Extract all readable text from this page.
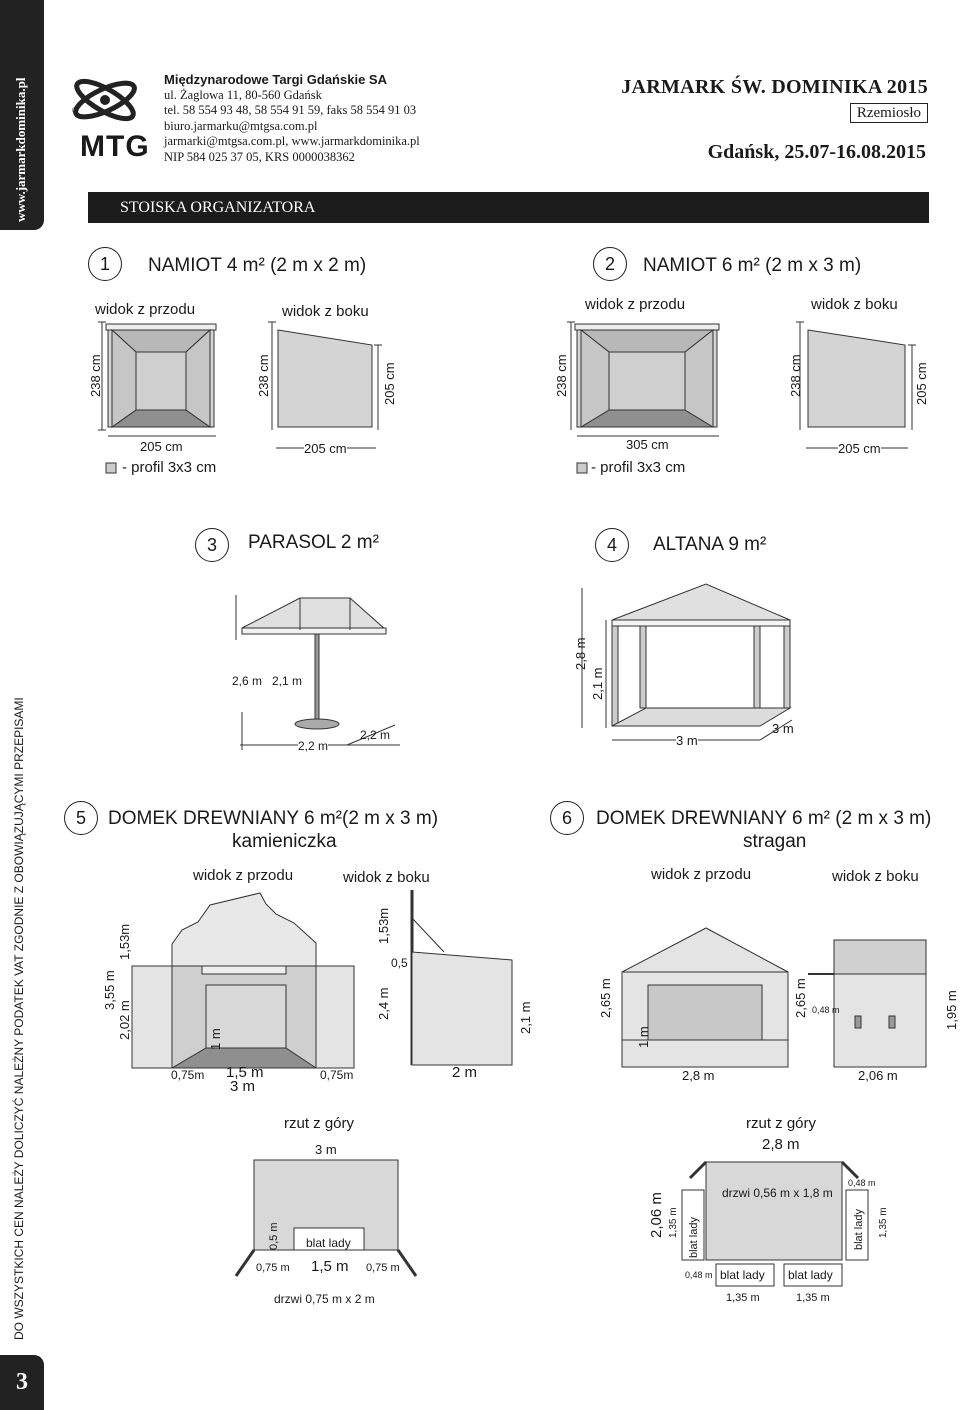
www.jarmarkdominika.pl
DO WSZYSTKICH CEN NALEŻY DOLICZYĆ NALEŻNY PODATEK VAT ZGODNIE Z OBOWIĄZUJĄCYMI PRZEPISAMI
3
MTG
®
Międzynarodowe Targi Gdańskie SA
ul. Żaglowa 11, 80-560 Gdańsk
tel. 58 554 93 48, 58 554 91 59, faks 58 554 91 03
biuro.jarmarku@mtgsa.com.pl
jarmarki@mtgsa.com.pl, www.jarmarkdominika.pl
NIP 584 025 37 05, KRS 0000038362
JARMARK ŚW. DOMINIKA 2015
Rzemiosło
Gdańsk, 25.07-16.08.2015
STOISKA ORGANIZATORA
1	NAMIOT 4 m² (2 m x 2 m)	2	NAMIOT 6 m² (2 m x 3 m)
widok z przodu	widok z boku	widok z przodu	widok z boku
238 cm
205 cm
238 cm	205 cm
205 cm
- profil 3x3 cm
238 cm
305 cm
238 cm	205 cm
205 cm
- profil 3x3 cm
3	PARASOL 2 m²	4	ALTANA 9 m²
2,6 m 2,1 m
2,2 m
2,2 m
2,8 m
2,1 m
3 m
3 m
5	DOMEK DREWNIANY 6 m²(2 m x 3 m)
kamieniczka
6	DOMEK DREWNIANY 6 m² (2 m x 3 m)
stragan
widok z przodu	widok z boku	widok z przodu	widok z boku
3,55 m
1,53m
2,02 m	1 m
0,75m 1,5 m	0,75m
3 m
1,53m
0,5
2,4 m
2 m
2,1 m
rzut z góry
3 m
0,5 m blat lady
0,75 m 1,5 m 0,75 m
drzwi 0,75 m x 2 m
2,65 m
1 m
2,8 m
2,65 m 0,48 m	1,95 m
2,06 m
rzut z góry
2,8 m
drzwi 0,56 m x 1,8 m
2,06 m 1,35 m blat lady	blat lady
0,48 m
1,35 m
0,48 m blat lady blat lady
1,35 m	1,35 m
